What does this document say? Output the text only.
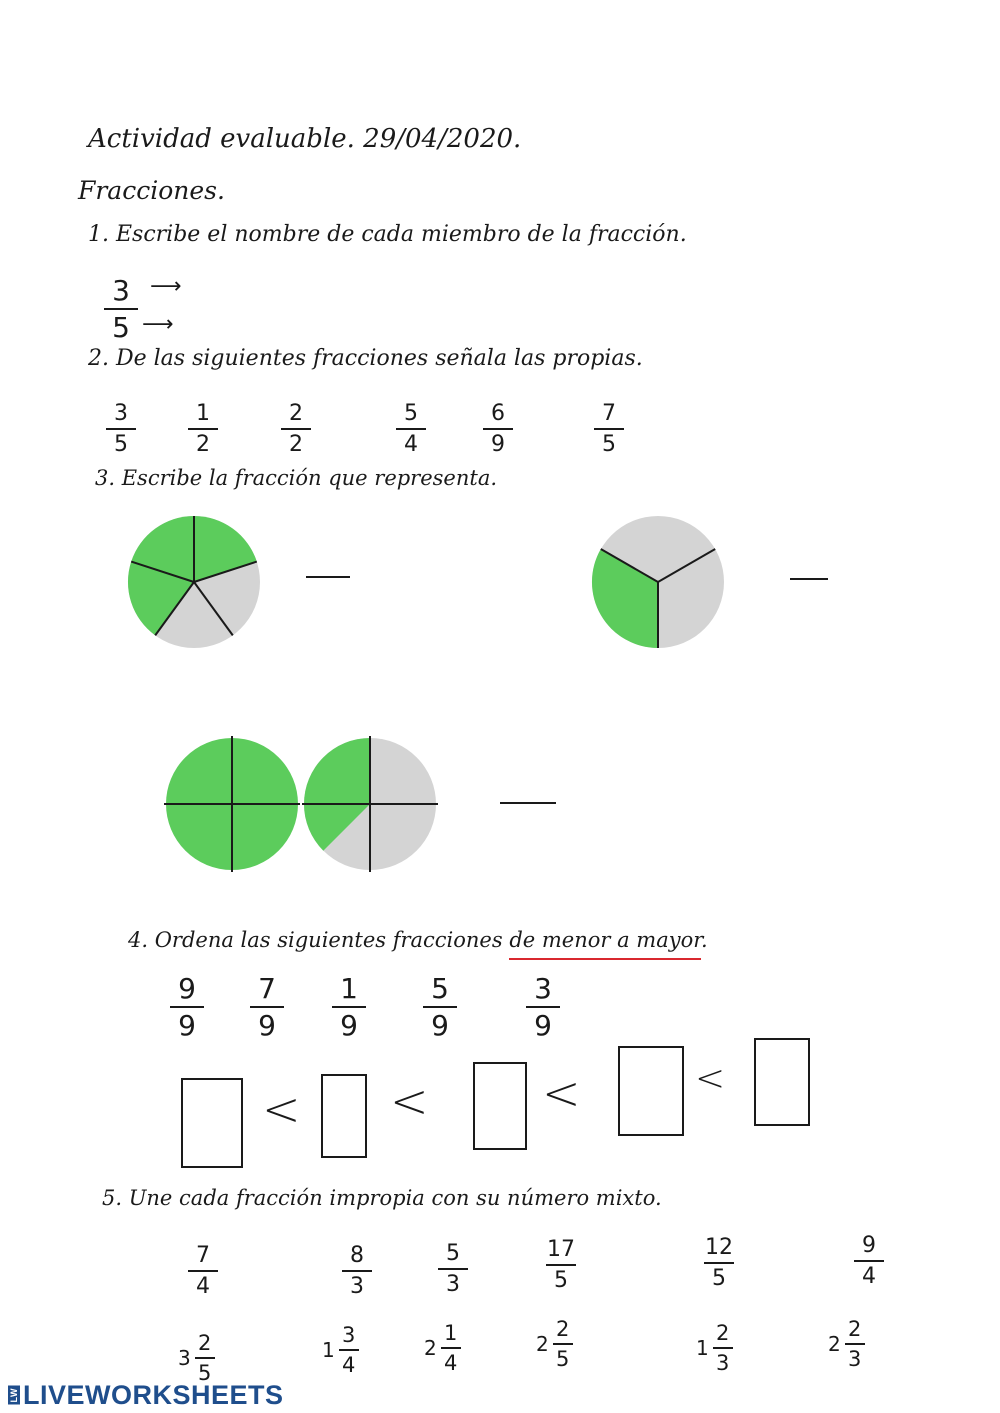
Actividad evaluable. 29/04/2020.
Fracciones.
1. Escribe el nombre de cada miembro de la fracción.
3
5
⟶
⟶
2. De las siguientes fracciones señala las propias.
3
5
1
2
2
2
5
4
6
9
7
5
3. Escribe la fracción que representa.
4. Ordena las siguientes fracciones de menor a mayor.
9
9
7
9
1
9
5
9
3
9
< < <	<
5. Une cada fracción impropia con su número mixto.
7
4
8
3
5
3
17
5
12
5
9
4
$3 \frac{2}{5}$	$1 \frac{3}{4}$	$2 \frac{1}{4}$	$2 \frac{2}{5}$	$1 \frac{2}{3}$	$2 \frac{2}{3}$
LW LIVEWORKSHEETS
